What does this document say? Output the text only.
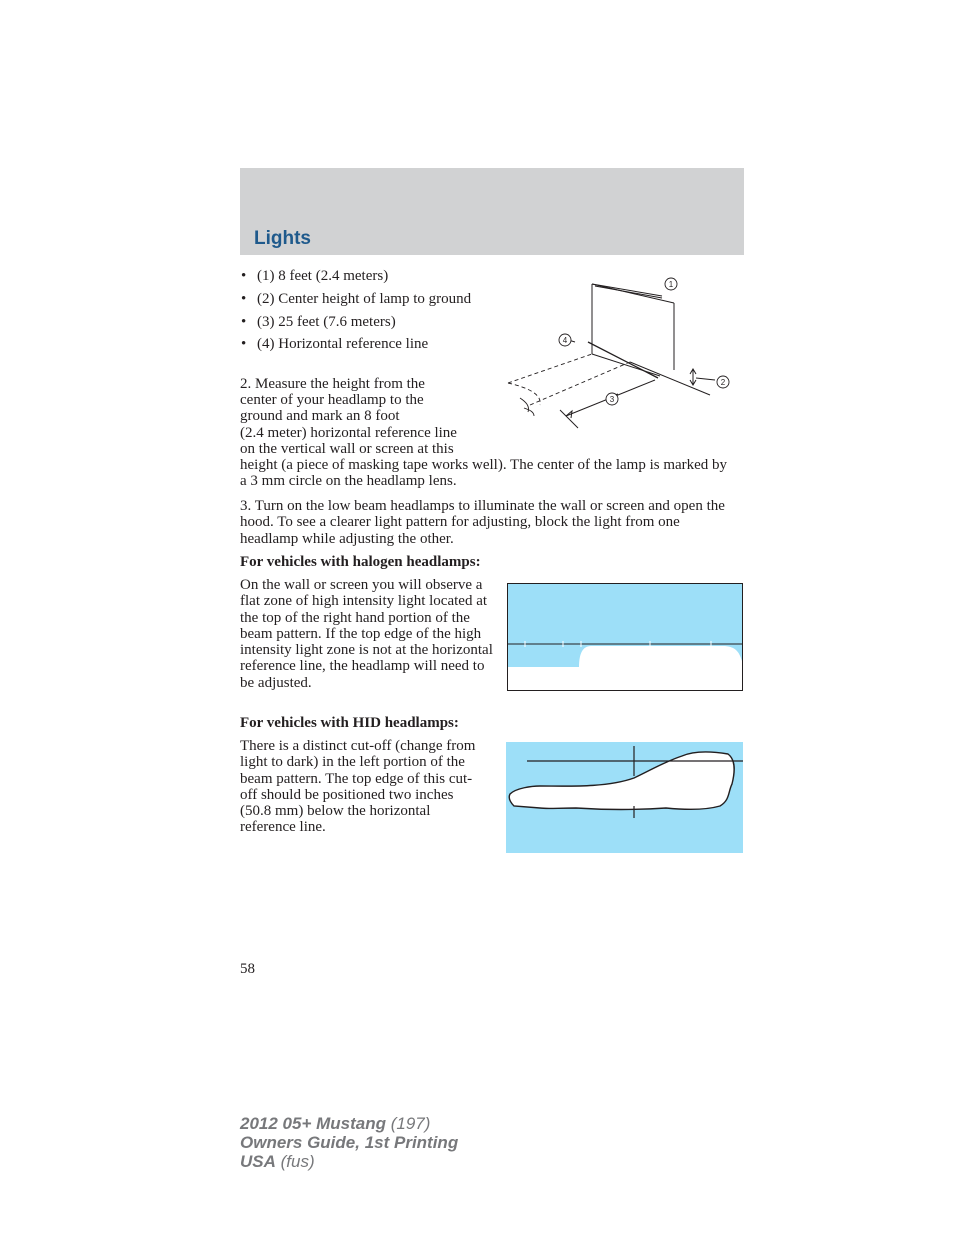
Lights
• (1) 8 feet (2.4 meters)
• (2) Center height of lamp to ground
• (3) 25 feet (7.6 meters)
• (4) Horizontal reference line
2. Measure the height from the
center of your headlamp to the
ground and mark an 8 foot
(2.4 meter) horizontal reference line
on the vertical wall or screen at this
height (a piece of masking tape works well). The center of the lamp is marked by a 3 mm circle on the headlamp lens.
3. Turn on the low beam headlamps to illuminate the wall or screen and open the hood. To see a clearer light pattern for adjusting, block the light from one headlamp while adjusting the other.
For vehicles with halogen headlamps:
On the wall or screen you will observe a flat zone of high intensity light located at the top of the right hand portion of the beam pattern. If the top edge of the high intensity light zone is not at the horizontal reference line, the headlamp will need to be adjusted.
For vehicles with HID headlamps:
There is a distinct cut-off (change from light to dark) in the left portion of the beam pattern. The top edge of this cut-off should be positioned two inches (50.8 mm) below the horizontal reference line.
1
2
3
4
58
2012 05+ Mustang (197)
Owners Guide, 1st Printing
USA (fus)
